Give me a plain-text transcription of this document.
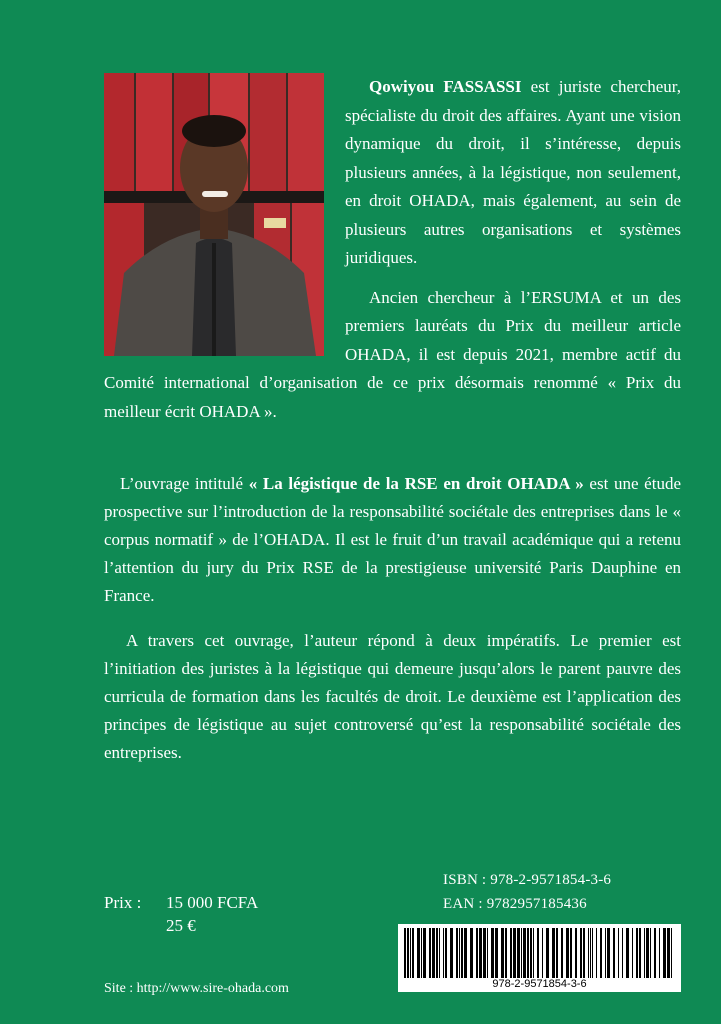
Qowiyou FASSASSI est juriste chercheur, spécialiste du droit des affaires. Ayant une vision dynamique du droit, il s’intéresse, depuis plusieurs années, à la légistique, non seulement, en droit OHADA, mais également, au sein de plusieurs autres organisations et systèmes juridiques.

Ancien chercheur à l’ERSUMA et un des premiers lauréats du Prix du meilleur article OHADA, il est depuis 2021, membre actif du Comité international d’organisation de ce prix désormais renommé « Prix du meilleur écrit OHADA ».

L’ouvrage intitulé « La légistique de la RSE en droit OHADA » est une étude prospective sur l’introduction de la responsabilité sociétale des entreprises dans le « corpus normatif » de l’OHADA. Il est le fruit d’un travail académique qui a retenu l’attention du jury du Prix RSE de la prestigieuse université Paris Dauphine en France.

A travers cet ouvrage, l’auteur répond à deux impératifs. Le premier est l’initiation des juristes à la légistique qui demeure jusqu’alors le parent pauvre des curricula de formation dans les facultés de droit. Le deuxième est l’application des principes de légistique au sujet controversé qu’est la responsabilité sociétale des entreprises.

Prix : 15 000 FCFA
25 €
ISBN : 978-2-9571854-3-6
EAN : 9782957185436
978-2-9571854-3-6
Site : http://www.sire-ohada.com
